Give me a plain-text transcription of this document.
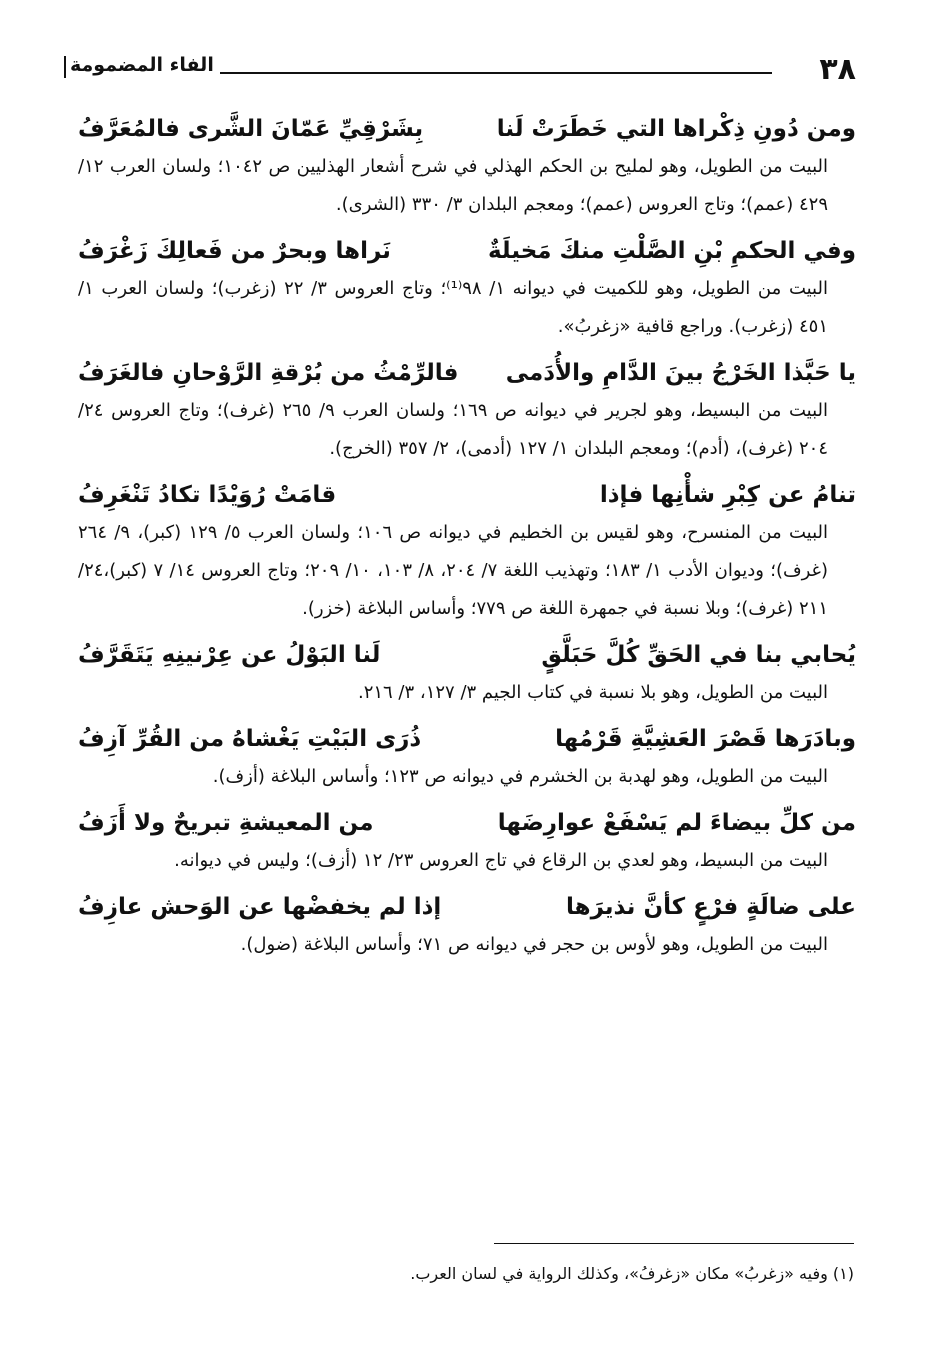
٣٨
الفاء المضمومة
ومن دُونِ ذِكْراها التي خَطَرَتْ لَنا
بِشَرْقِيِّ عَمّانَ الشَّرى فالمُعَرَّفُ

البيت من الطويل، وهو لمليح بن الحكم الهذلي في شرح أشعار الهذليين ص ١٠٤٢؛ ولسان العرب ١٢/ ٤٢٩ (عمم)؛ وتاج العروس (عمم)؛ ومعجم البلدان ٣/ ٣٣٠ (الشرى).

وفي الحكمِ بْنِ الصَّلْتِ منكَ مَخيلَةٌ
نَراها وبحرٌ من فَعالِكَ زَغْرَفُ

البيت من الطويل، وهو للكميت في ديوانه ١/ ٩٨⁽¹⁾؛ وتاج العروس ٣/ ٢٢ (زغرب)؛ ولسان العرب ١/ ٤٥١ (زغرب). وراجع قافية «زغربُ».

يا حَبَّذا الخَرْجُ بينَ الدَّامِ والأُدَمى
فالرِّمْثُ من بُرْقةِ الرَّوْحانِ فالغَرَفُ

البيت من البسيط، وهو لجرير في ديوانه ص ١٦٩؛ ولسان العرب ٩/ ٢٦٥ (غرف)؛ وتاج العروس ٢٤/ ٢٠٤ (غرف)، (أدم)؛ ومعجم البلدان ١/ ١٢٧ (أدمى)، ٢/ ٣٥٧ (الخرج).

تنامُ عن كِبْرِ شأْنِها فإذا
قامَتْ رُوَيْدًا تكادُ تَنْغَرِفُ

البيت من المنسرح، وهو لقيس بن الخطيم في ديوانه ص ١٠٦؛ ولسان العرب ٥/ ١٢٩ (كبر)، ٩/ ٢٦٤ (غرف)؛ وديوان الأدب ١/ ١٨٣؛ وتهذيب اللغة ٧/ ٢٠٤، ٨/ ١٠٣، ١٠/ ٢٠٩؛ وتاج العروس ١٤/ ٧ (كبر)،٢٤/ ٢١١ (غرف)؛ وبلا نسبة في جمهرة اللغة ص ٧٧٩؛ وأساس البلاغة (خزر).

يُحابي بنا في الحَقِّ كُلَّ حَبَلَّقٍ
لَنا البَوْلُ عن عِرْنينِهِ يَتَقَرَّفُ

البيت من الطويل، وهو بلا نسبة في كتاب الجيم ٣/ ١٢٧، ٣/ ٢١٦.

وبادَرَها قَصْرَ العَشِيَّةِ قَرْمُها
ذُرَى البَيْتِ يَغْشاهُ من القُرِّ آزِفُ

البيت من الطويل، وهو لهدبة بن الخشرم في ديوانه ص ١٢٣؛ وأساس البلاغة (أزف).

من كلِّ بيضاءَ لم يَسْفَعْ عوارِضَها
من المعيشةِ تبريحٌ ولا أَزَفُ

البيت من البسيط، وهو لعدي بن الرقاع في تاج العروس ٢٣/ ١٢ (أزف)؛ وليس في ديوانه.

على ضالَةٍ فرْعٍ كأنَّ نذيرَها
إذا لم يخفضْها عن الوَحش عازِفُ

البيت من الطويل، وهو لأوس بن حجر في ديوانه ص ٧١؛ وأساس البلاغة (ضول).

(١) وفيه «زغربُ» مكان «زغرفُ»، وكذلك الرواية في لسان العرب.
